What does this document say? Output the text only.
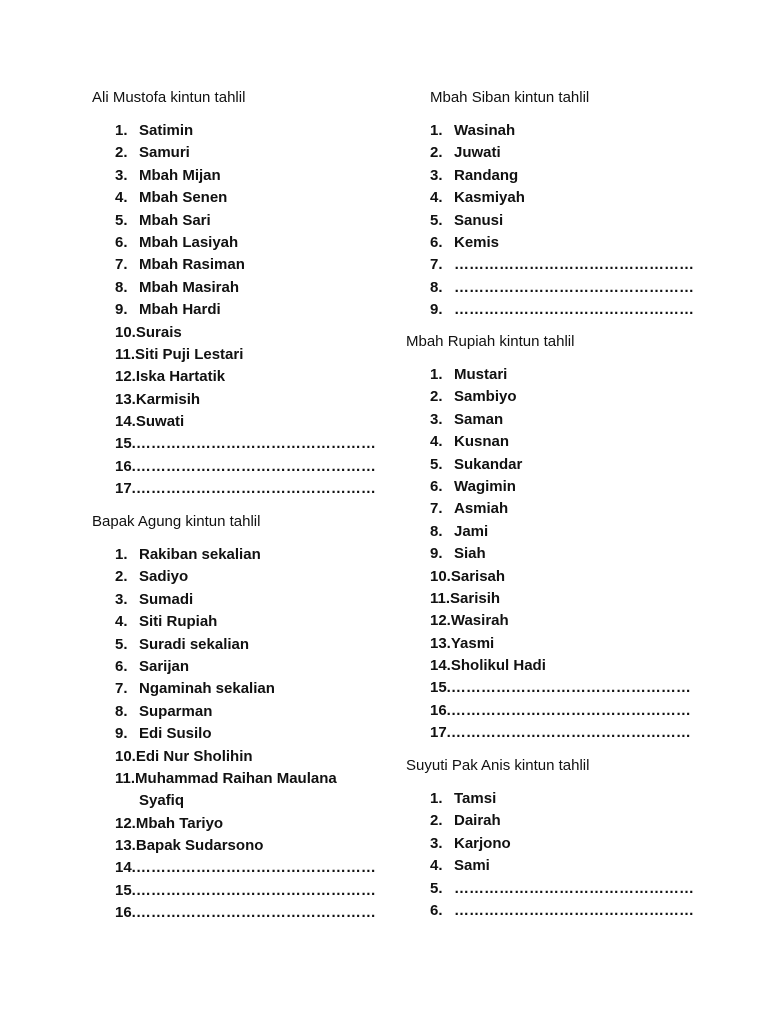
Ali Mustofa kintun tahlil
1. Satimin
2. Samuri
3. Mbah Mijan
4. Mbah Senen
5. Mbah Sari
6. Mbah Lasiyah
7. Mbah Rasiman
8. Mbah Masirah
9. Mbah Hardi
10. Surais
11. Siti Puji Lestari
12. Iska Hartatik
13. Karmisih
14. Suwati
15. …………………………………………
16. …………………………………………
17. …………………………………………
Bapak Agung kintun tahlil
1. Rakiban sekalian
2. Sadiyo
3. Sumadi
4. Siti Rupiah
5. Suradi sekalian
6. Sarijan
7. Ngaminah sekalian
8. Suparman
9. Edi Susilo
10. Edi Nur Sholihin
11. Muhammad Raihan Maulana
Syafiq
12. Mbah Tariyo
13. Bapak Sudarsono
14. …………………………………………
15. …………………………………………
16. …………………………………………
Mbah Siban kintun tahlil
1. Wasinah
2. Juwati
3. Randang
4. Kasmiyah
5. Sanusi
6. Kemis
7. …………………………………………
8. …………………………………………
9. …………………………………………
Mbah Rupiah kintun tahlil
1. Mustari
2. Sambiyo
3. Saman
4. Kusnan
5. Sukandar
6. Wagimin
7. Asmiah
8. Jami
9. Siah
10. Sarisah
11. Sarisih
12. Wasirah
13. Yasmi
14. Sholikul Hadi
15. …………………………………………
16. …………………………………………
17. …………………………………………
Suyuti Pak Anis kintun tahlil
1. Tamsi
2. Dairah
3. Karjono
4. Sami
5. …………………………………………
6. …………………………………………
